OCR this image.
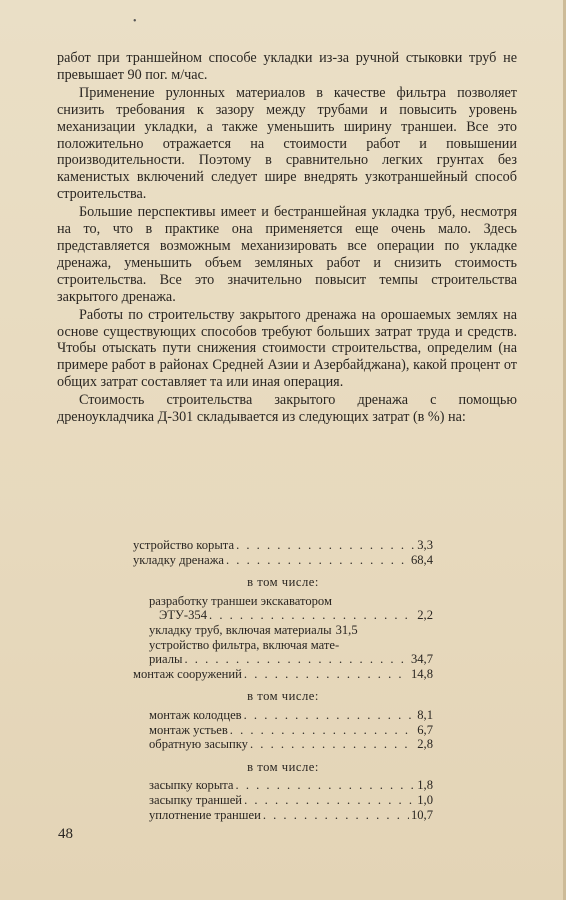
•

работ при траншейном способе укладки из-за ручной стыковки труб не превышает 90 пог. м/час.

Применение рулонных материалов в качестве фильтра позволяет снизить требования к зазору между трубами и повысить уровень механизации укладки, а также уменьшить ширину траншеи. Все это положительно отражается на стоимости работ и повышении производительности. Поэтому в сравнительно легких грунтах без каменистых включений следует шире внедрять узкотраншейный способ строительства.

Большие перспективы имеет и бестраншейная укладка труб, несмотря на то, что в практике она применяется еще очень мало. Здесь представляется возможным механизировать все операции по укладке дренажа, уменьшить объем земляных работ и снизить стоимость строительства. Все это значительно повысит темпы строительства закрытого дренажа.

Работы по строительству закрытого дренажа на орошаемых землях на основе существующих способов требуют больших затрат труда и средств. Чтобы отыскать пути снижения стоимости строительства, определим (на примере работ в районах Средней Азии и Азербайджана), какой процент от общих затрат составляет та или иная операция.

Стоимость строительства закрытого дренажа с помощью дреноукладчика Д-301 складывается из следующих затрат (в %) на:

устройство корыта . . .	3,3
укладку дренажа . . .	68,4
в том числе:
разработку траншеи экскаватором
ЭТУ-354 . . .	2,2
укладку труб, включая материалы 31,5
устройство фильтра, включая мате-
риалы . . .	34,7
монтаж сооружений . . .	14,8
в том числе:
монтаж колодцев . . .	8,1
монтаж устьев . . .	6,7
обратную засыпку . . .	2,8
в том числе:
засыпку корыта . . .	1,8
засыпку траншей . . .	1,0
уплотнение траншеи . . .	10,7
48
